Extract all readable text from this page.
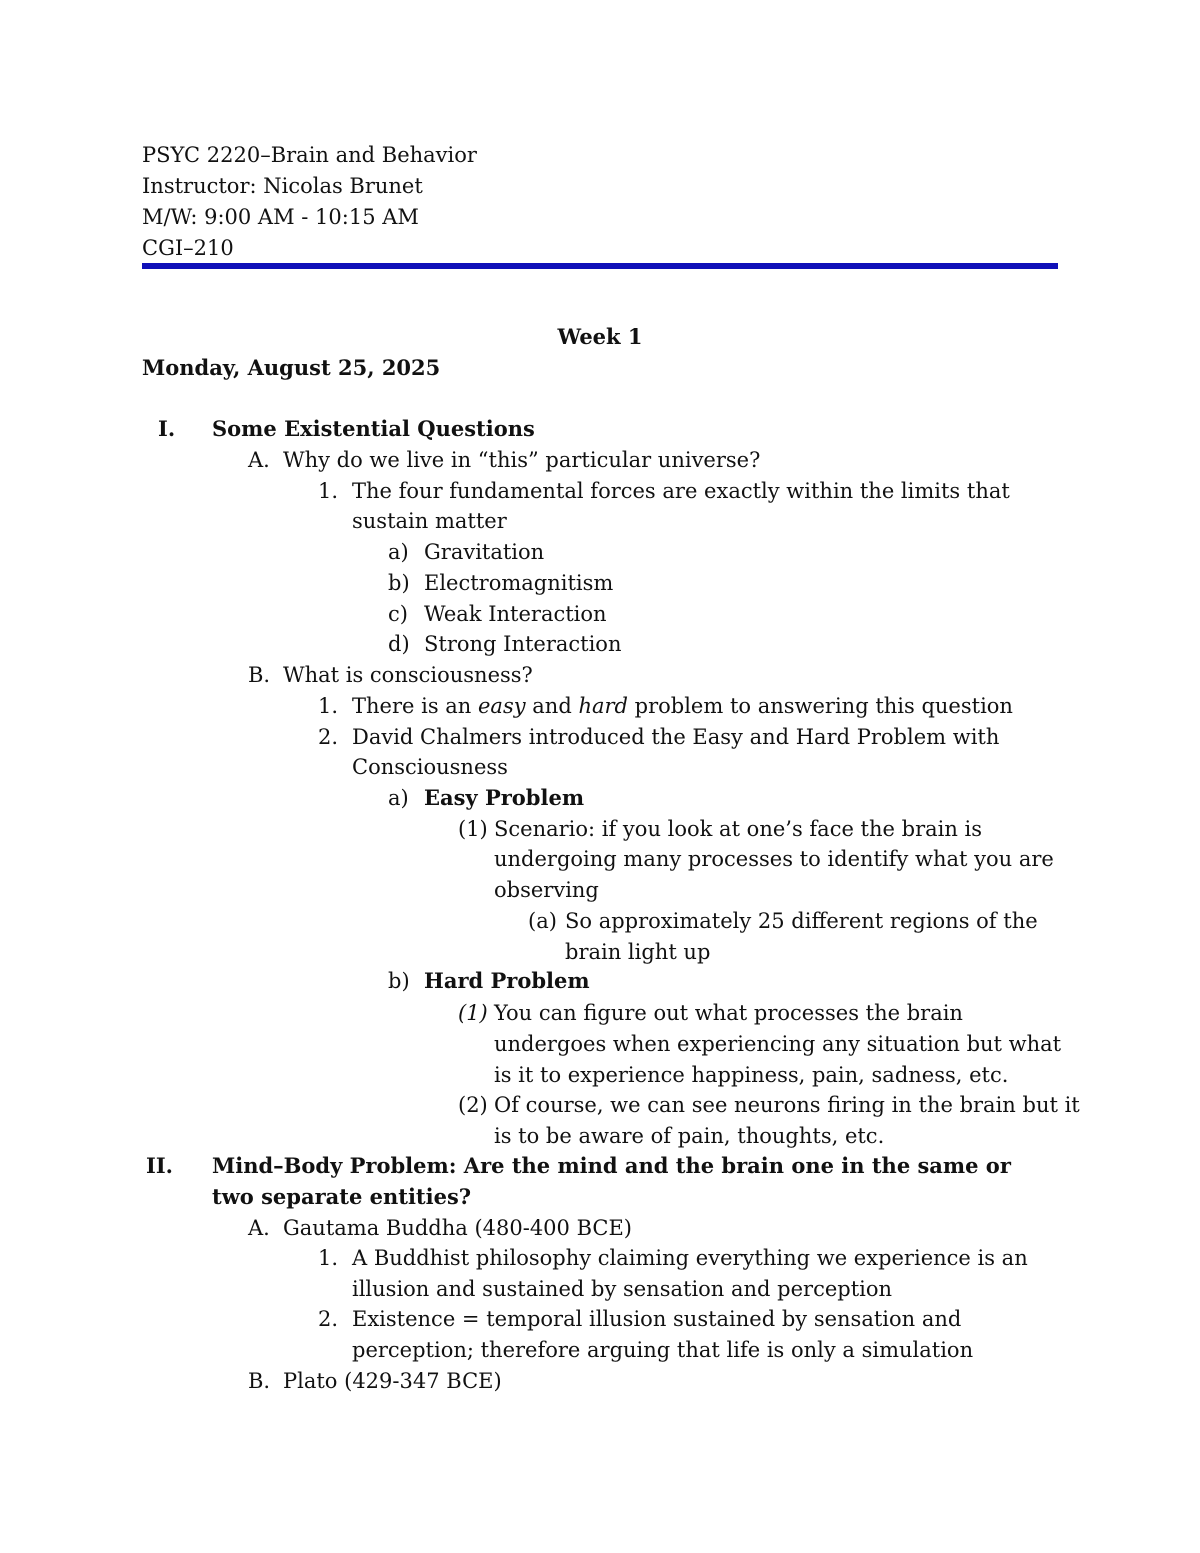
PSYC 2220–Brain and Behavior
Instructor: Nicolas Brunet
M/W: 9:00 AM - 10:15 AM
CGI–210
Week 1
Monday, August 25, 2025
I. Some Existential Questions
A. Why do we live in “this” particular universe?
1. The four fundamental forces are exactly within the limits that
sustain matter
a) Gravitation
b) Electromagnitism
c) Weak Interaction
d) Strong Interaction
B. What is consciousness?
1. There is an easy and hard problem to answering this question
2. David Chalmers introduced the Easy and Hard Problem with
Consciousness
a) Easy Problem
(1) Scenario: if you look at one’s face the brain is
undergoing many processes to identify what you are
observing
(a) So approximately 25 different regions of the
brain light up
b) Hard Problem
(1) You can figure out what processes the brain
undergoes when experiencing any situation but what
is it to experience happiness, pain, sadness, etc.
(2) Of course, we can see neurons firing in the brain but it
is to be aware of pain, thoughts, etc.
II. Mind–Body Problem: Are the mind and the brain one in the same or
two separate entities?
A. Gautama Buddha (480-400 BCE)
1. A Buddhist philosophy claiming everything we experience is an
illusion and sustained by sensation and perception
2. Existence = temporal illusion sustained by sensation and
perception; therefore arguing that life is only a simulation
B. Plato (429-347 BCE)
